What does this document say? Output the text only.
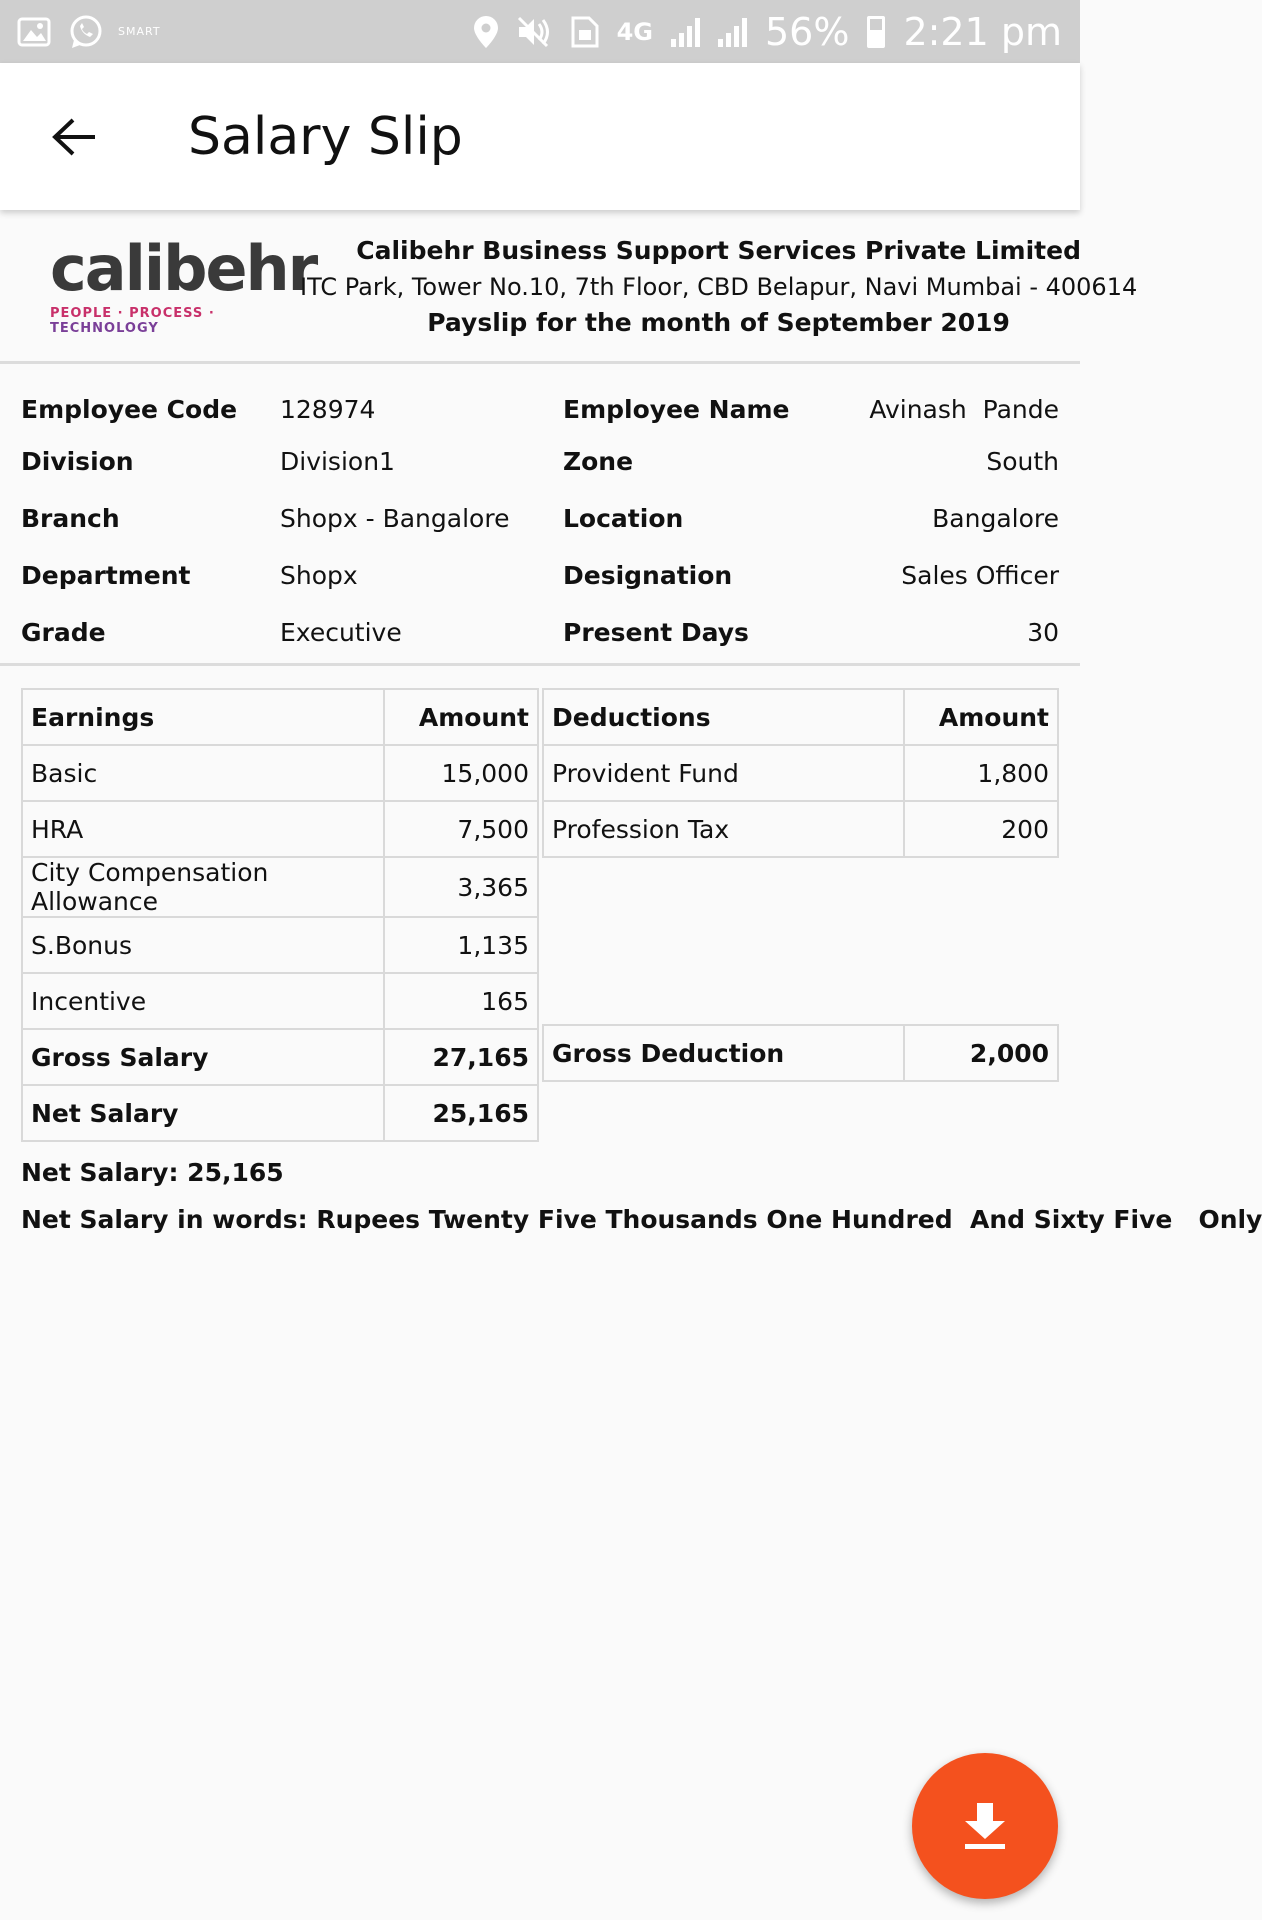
SMART	4G	56% 2:21 pm
Salary Slip
calibehr
PEOPLE · PROCESS · TECHNOLOGY
Calibehr Business Support Services Private Limited
ITC Park, Tower No.10, 7th Floor, CBD Belapur, Navi Mumbai - 400614
Payslip for the month of September 2019
Employee Code	128974	Employee Name	Avinash  Pande
Division	Division1	Zone	South
Branch	Shopx - Bangalore	Location	Bangalore
Department	Shopx	Designation	Sales Officer
Grade	Executive	Present Days	30
Earnings	Amount
Basic	15,000
HRA	7,500
City Compensation Allowance	3,365
S.Bonus	1,135
Incentive	165
Gross Salary	27,165
Net Salary	25,165
Deductions	Amount
Provident Fund	1,800
Profession Tax	200
Gross Deduction	2,000
Net Salary: 25,165
Net Salary in words: Rupees Twenty Five Thousands One Hundred  And Sixty Five   Only
